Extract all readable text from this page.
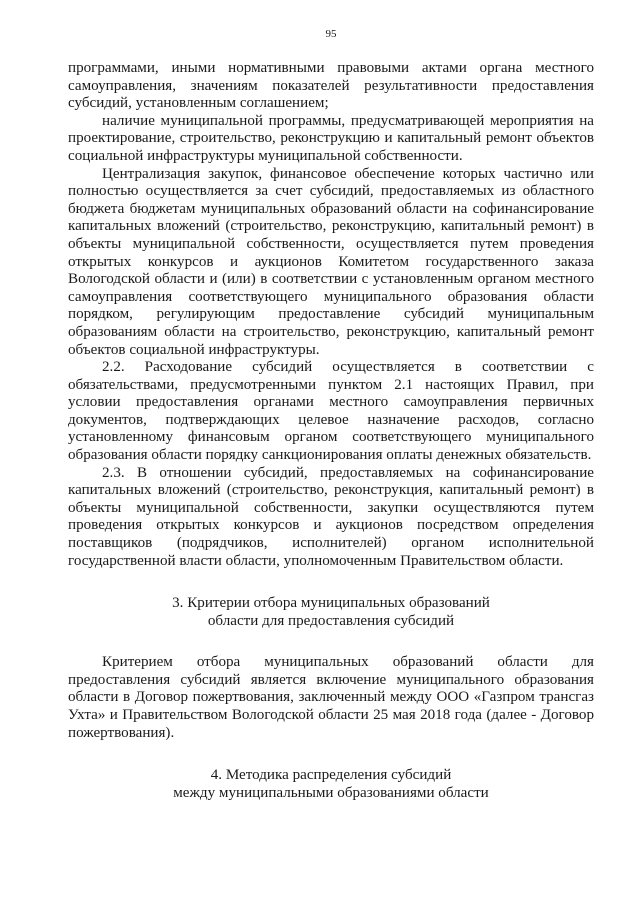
95

программами, иными нормативными правовыми актами органа местного самоуправления, значениям показателей результативности предоставления субсидий, установленным соглашением;

наличие муниципальной программы, предусматривающей мероприятия на проектирование, строительство, реконструкцию и капитальный ремонт объектов социальной инфраструктуры муниципальной собственности.

Централизация закупок, финансовое обеспечение которых частично или полностью осуществляется за счет субсидий, предоставляемых из областного бюджета бюджетам муниципальных образований области на софинансирование капитальных вложений (строительство, реконструкцию, капитальный ремонт) в объекты муниципальной собственности, осуществляется путем проведения открытых конкурсов и аукционов Комитетом государственного заказа Вологодской области и (или) в соответствии с установленным органом местного самоуправления соответствующего муниципального образования области порядком, регулирующим предоставление субсидий муниципальным образованиям области на строительство, реконструкцию, капитальный ремонт объектов социальной инфраструктуры.

2.2. Расходование субсидий осуществляется в соответствии с обязательствами, предусмотренными пунктом 2.1 настоящих Правил, при условии предоставления органами местного самоуправления первичных документов, подтверждающих целевое назначение расходов, согласно установленному финансовым органом соответствующего муниципального образования области порядку санкционирования оплаты денежных обязательств.

2.3. В отношении субсидий, предоставляемых на софинансирование капитальных вложений (строительство, реконструкция, капитальный ремонт) в объекты муниципальной собственности, закупки осуществляются путем проведения открытых конкурсов и аукционов посредством определения поставщиков (подрядчиков, исполнителей) органом исполнительной государственной власти области, уполномоченным Правительством области.

3. Критерии отбора муниципальных образований
области для предоставления субсидий

Критерием отбора муниципальных образований области для предоставления субсидий является включение муниципального образования области в Договор пожертвования, заключенный между ООО «Газпром трансгаз Ухта» и Правительством Вологодской области 25 мая 2018 года (далее - Договор пожертвования).

4. Методика распределения субсидий
между муниципальными образованиями области
